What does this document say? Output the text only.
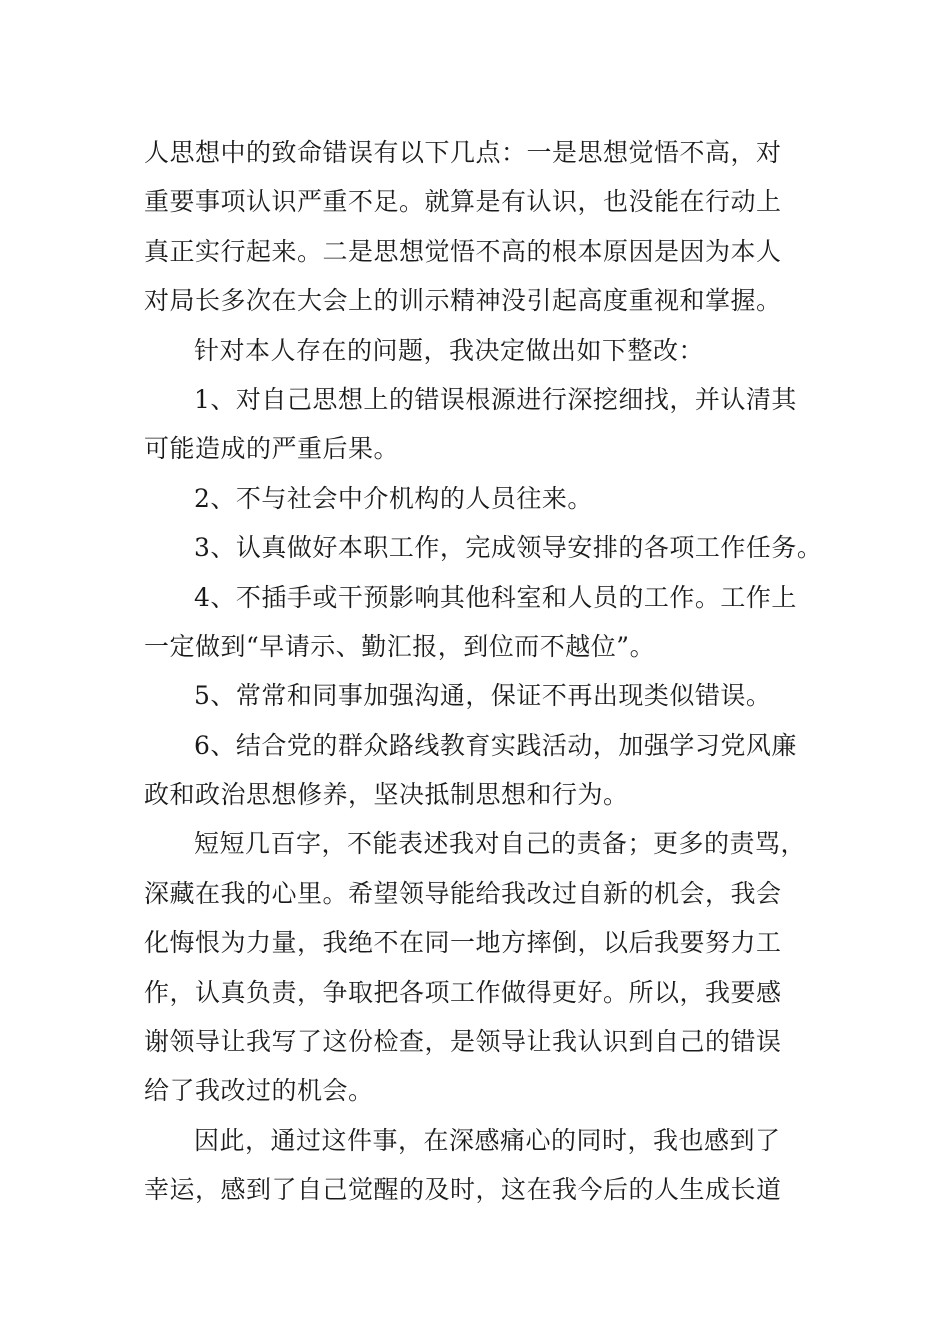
人思想中的致命错误有以下几点：一是思想觉悟不高，对
重要事项认识严重不足。就算是有认识，也没能在行动上
真正实行起来。二是思想觉悟不高的根本原因是因为本人
对局长多次在大会上的训示精神没引起高度重视和掌握。
针对本人存在的问题，我决定做出如下整改：
1、对自己思想上的错误根源进行深挖细找，并认清其
可能造成的严重后果。
2、不与社会中介机构的人员往来。
3、认真做好本职工作，完成领导安排的各项工作任务。
4、不插手或干预影响其他科室和人员的工作。工作上
一定做到“早请示、勤汇报，到位而不越位”。
5、常常和同事加强沟通，保证不再出现类似错误。
6、结合党的群众路线教育实践活动，加强学习党风廉
政和政治思想修养，坚决抵制思想和行为。
短短几百字，不能表述我对自己的责备；更多的责骂，
深藏在我的心里。希望领导能给我改过自新的机会，我会
化悔恨为力量，我绝不在同一地方摔倒，以后我要努力工
作，认真负责，争取把各项工作做得更好。所以，我要感
谢领导让我写了这份检查，是领导让我认识到自己的错误
给了我改过的机会。
因此，通过这件事，在深感痛心的同时，我也感到了
幸运，感到了自己觉醒的及时，这在我今后的人生成长道
